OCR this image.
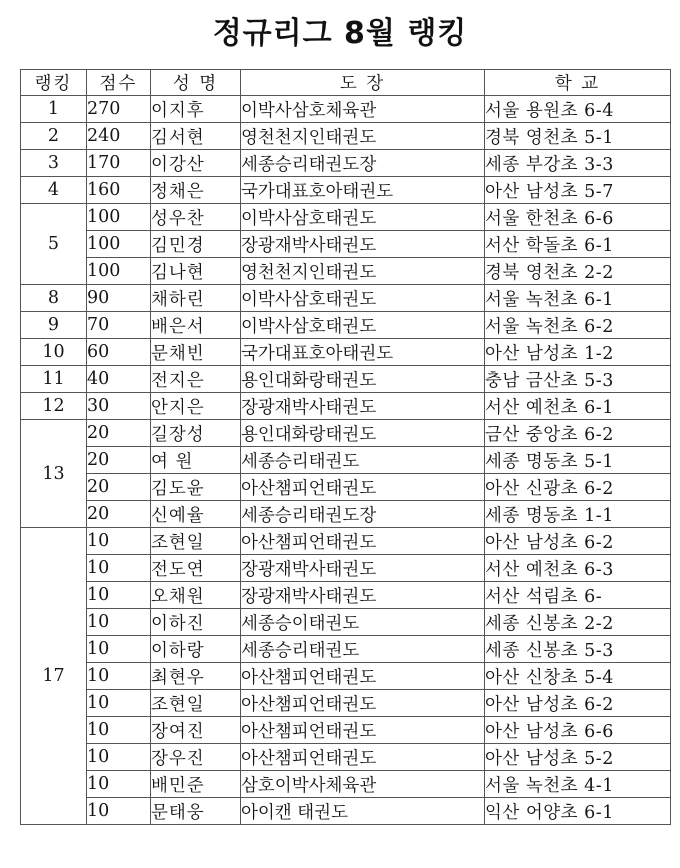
정규리그 8월 랭킹
랭킹	점수	성 명	도 장	학 교
1	270	이지후	이박사삼호체육관	서울 용원초 6-4
2	240	김서현	영천천지인태권도	경북 영천초 5-1
3	170	이강산	세종승리태권도장	세종 부강초 3-3
4	160	정채은	국가대표호아태권도	아산 남성초 5-7
5	100	성우찬	이박사삼호태권도	서울 한천초 6-6
	100	김민경	장광재박사태권도	서산 학돌초 6-1
	100	김나현	영천천지인태권도	경북 영천초 2-2
8	90	채하린	이박사삼호태권도	서울 녹천초 6-1
9	70	배은서	이박사삼호태권도	서울 녹천초 6-2
10	60	문채빈	국가대표호아태권도	아산 남성초 1-2
11	40	전지은	용인대화랑태권도	충남 금산초 5-3
12	30	안지은	장광재박사태권도	서산 예천초 6-1
13	20	길장성	용인대화랑태권도	금산 중앙초 6-2
	20	여 원	세종승리태권도	세종 명동초 5-1
	20	김도윤	아산챔피언태권도	아산 신광초 6-2
	20	신예율	세종승리태권도장	세종 명동초 1-1
17	10	조현일	아산챔피언태권도	아산 남성초 6-2
	10	전도연	장광재박사태권도	서산 예천초 6-3
	10	오채원	장광재박사태권도	서산 석림초 6-
	10	이하진	세종승이태권도	세종 신봉초 2-2
	10	이하랑	세종승리태권도	세종 신봉초 5-3
	10	최현우	아산챔피언태권도	아산 신창초 5-4
	10	조현일	아산챔피언태권도	아산 남성초 6-2
	10	장여진	아산챔피언태권도	아산 남성초 6-6
	10	장우진	아산챔피언태권도	아산 남성초 5-2
	10	배민준	삼호이박사체육관	서울 녹천초 4-1
	10	문태웅	아이캔 태권도	익산 어양초 6-1
